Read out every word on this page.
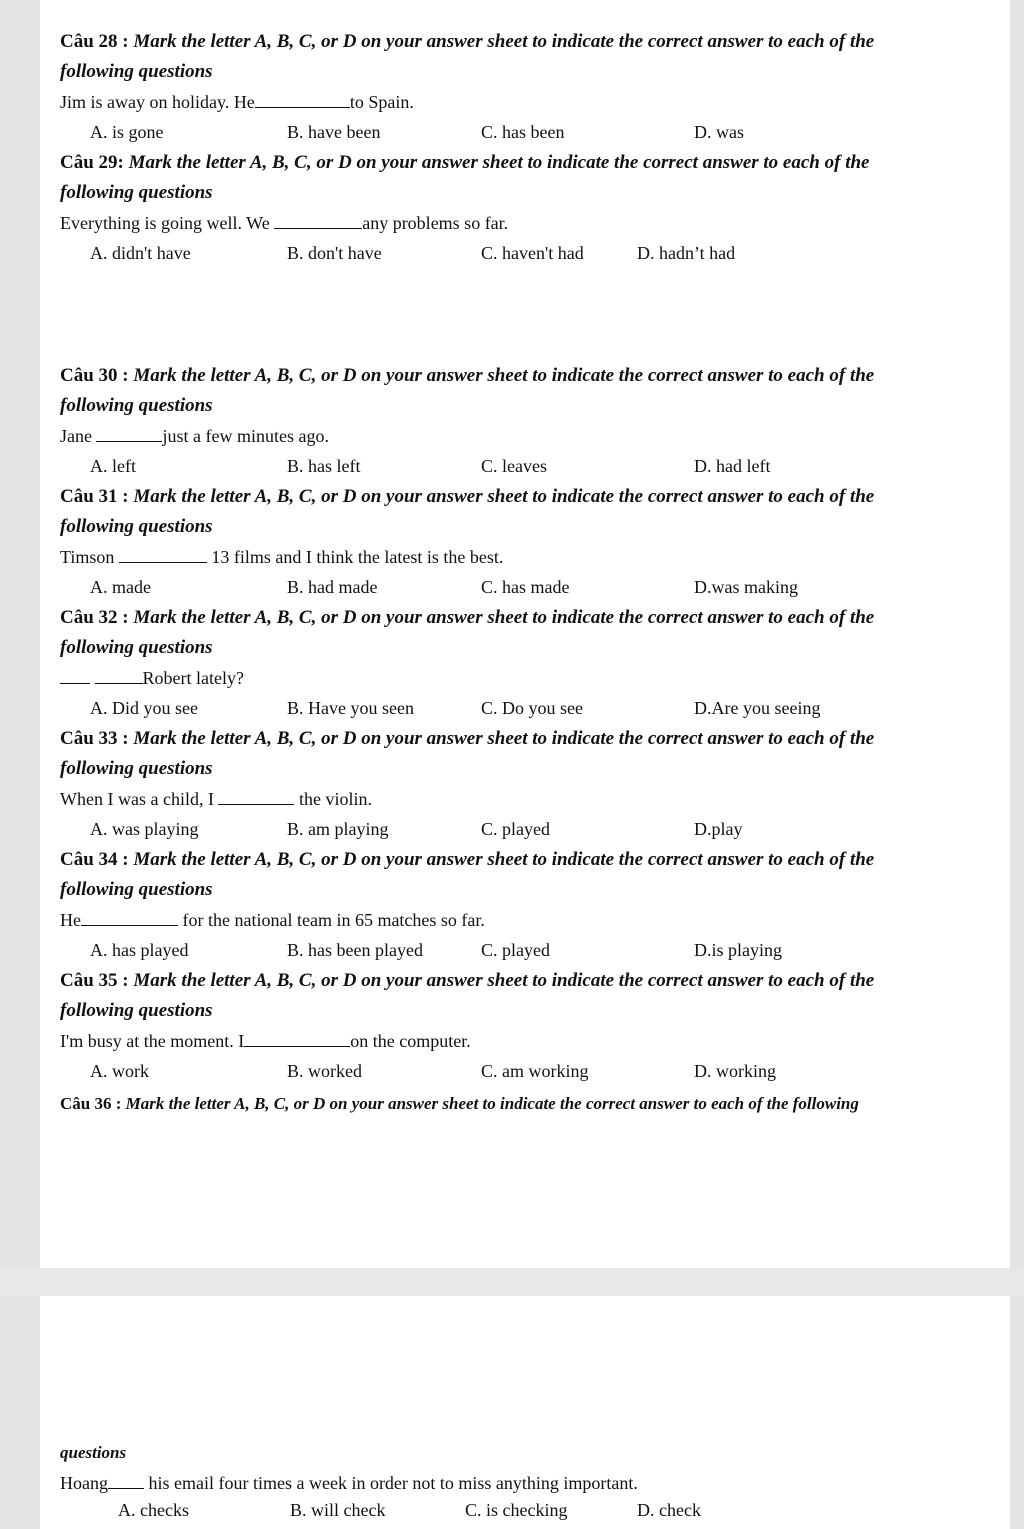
Câu 28 : Mark the letter A, B, C, or D on your answer sheet to indicate the correct answer to each of the
following questions
Jim is away on holiday. He	to Spain.
A. is gone	B. have been	C. has been	D. was
Câu 29: Mark the letter A, B, C, or D on your answer sheet to indicate the correct answer to each of the
following questions
Everything is going well. We	any problems so far.
A. didn't have	B. don't have	C. haven't had	D. hadn’t had
Câu 30 : Mark the letter A, B, C, or D on your answer sheet to indicate the correct answer to each of the
following questions
Jane	just a few minutes ago.
A. left	B. has left	C. leaves	D. had left
Câu 31 : Mark the letter A, B, C, or D on your answer sheet to indicate the correct answer to each of the
following questions
Timson	13 films and I think the latest is the best.
A. made	B. had made	C. has made	D.was making
Câu 32 : Mark the letter A, B, C, or D on your answer sheet to indicate the correct answer to each of the
following questions
Robert lately?
A. Did you see	B. Have you seen	C. Do you see	D.Are you seeing
Câu 33 : Mark the letter A, B, C, or D on your answer sheet to indicate the correct answer to each of the
following questions
When I was a child, I	the violin.
A. was playing	B. am playing	C. played	D.play
Câu 34 : Mark the letter A, B, C, or D on your answer sheet to indicate the correct answer to each of the
following questions
He	for the national team in 65 matches so far.
A. has played	B. has been played	C. played	D.is playing
Câu 35 : Mark the letter A, B, C, or D on your answer sheet to indicate the correct answer to each of the
following questions
I'm busy at the moment. I	on the computer.
A. work	B. worked	C. am working	D. working
Câu 36 : Mark the letter A, B, C, or D on your answer sheet to indicate the correct answer to each of the following
questions
Hoang his email four times a week in order not to miss anything important.
A. checks	B. will check	C. is checking	D. check
